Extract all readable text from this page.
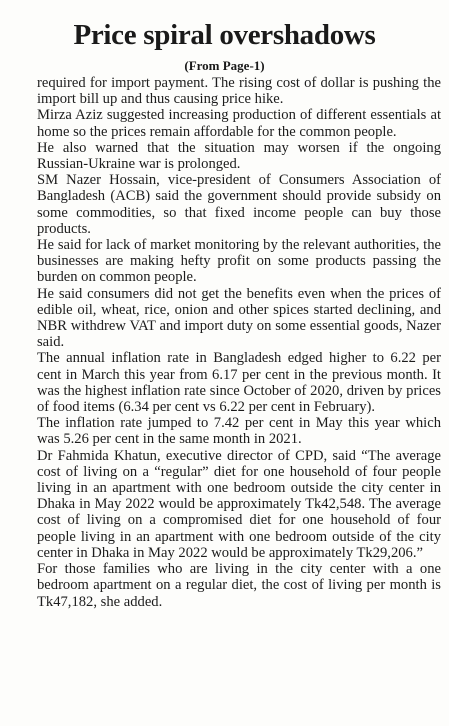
Price spiral overshadows
(From Page-1)

required for import payment. The rising cost of dollar is pushing the import bill up and thus causing price hike.

Mirza Aziz suggested increasing production of different essentials at home so the prices remain affordable for the common people.

He also warned that the situation may worsen if the ongoing Russian-Ukraine war is prolonged.

SM Nazer Hossain, vice-president of Consumers Association of Bangladesh (ACB) said the government should provide subsidy on some commodities, so that fixed income people can buy those products.

He said for lack of market monitoring by the relevant authorities, the businesses are making hefty profit on some products passing the burden on common people.

He said consumers did not get the benefits even when the prices of edible oil, wheat, rice, onion and other spices started declining, and NBR withdrew VAT and import duty on some essential goods, Nazer said.

The annual inflation rate in Bangladesh edged higher to 6.22 per cent in March this year from 6.17 per cent in the previous month. It was the highest inflation rate since October of 2020, driven by prices of food items (6.34 per cent vs 6.22 per cent in February).

The inflation rate jumped to 7.42 per cent in May this year which was 5.26 per cent in the same month in 2021.

Dr Fahmida Khatun, executive director of CPD, said “The average cost of living on a “regular” diet for one household of four people living in an apartment with one bedroom outside the city center in Dhaka in May 2022 would be approximately Tk42,548. The average cost of living on a compromised diet for one household of four people living in an apartment with one bedroom outside of the city center in Dhaka in May 2022 would be approximately Tk29,206.”

For those families who are living in the city center with a one bedroom apartment on a regular diet, the cost of living per month is Tk47,182, she added.
